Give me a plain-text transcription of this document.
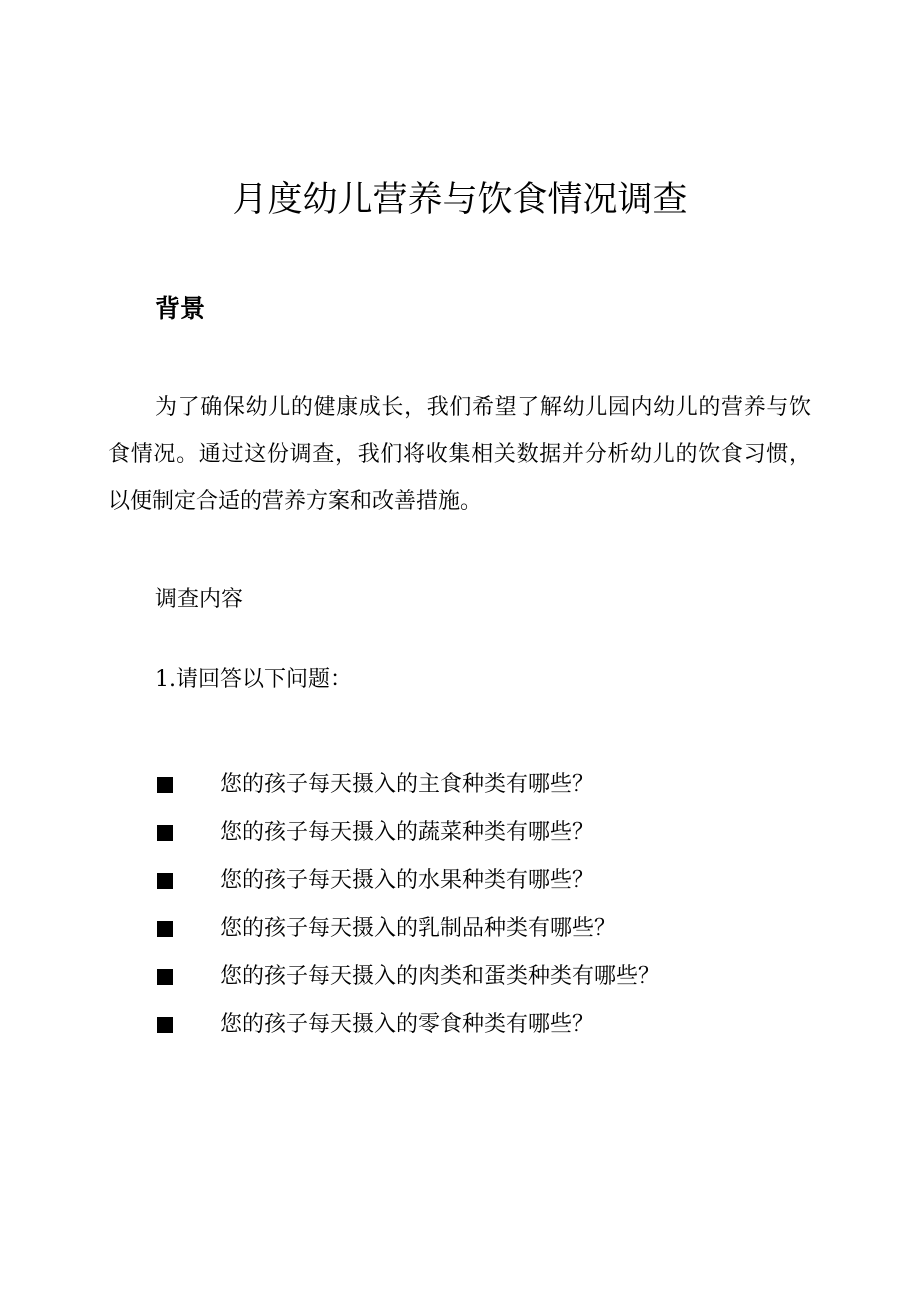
月度幼儿营养与饮食情况调查
背景

为了确保幼儿的健康成长，我们希望了解幼儿园内幼儿的营养与饮食情况。通过这份调查，我们将收集相关数据并分析幼儿的饮食习惯，以便制定合适的营养方案和改善措施。

调查内容

1.请回答以下问题：

您的孩子每天摄入的主食种类有哪些？
您的孩子每天摄入的蔬菜种类有哪些？
您的孩子每天摄入的水果种类有哪些？
您的孩子每天摄入的乳制品种类有哪些？
您的孩子每天摄入的肉类和蛋类种类有哪些？
您的孩子每天摄入的零食种类有哪些？
